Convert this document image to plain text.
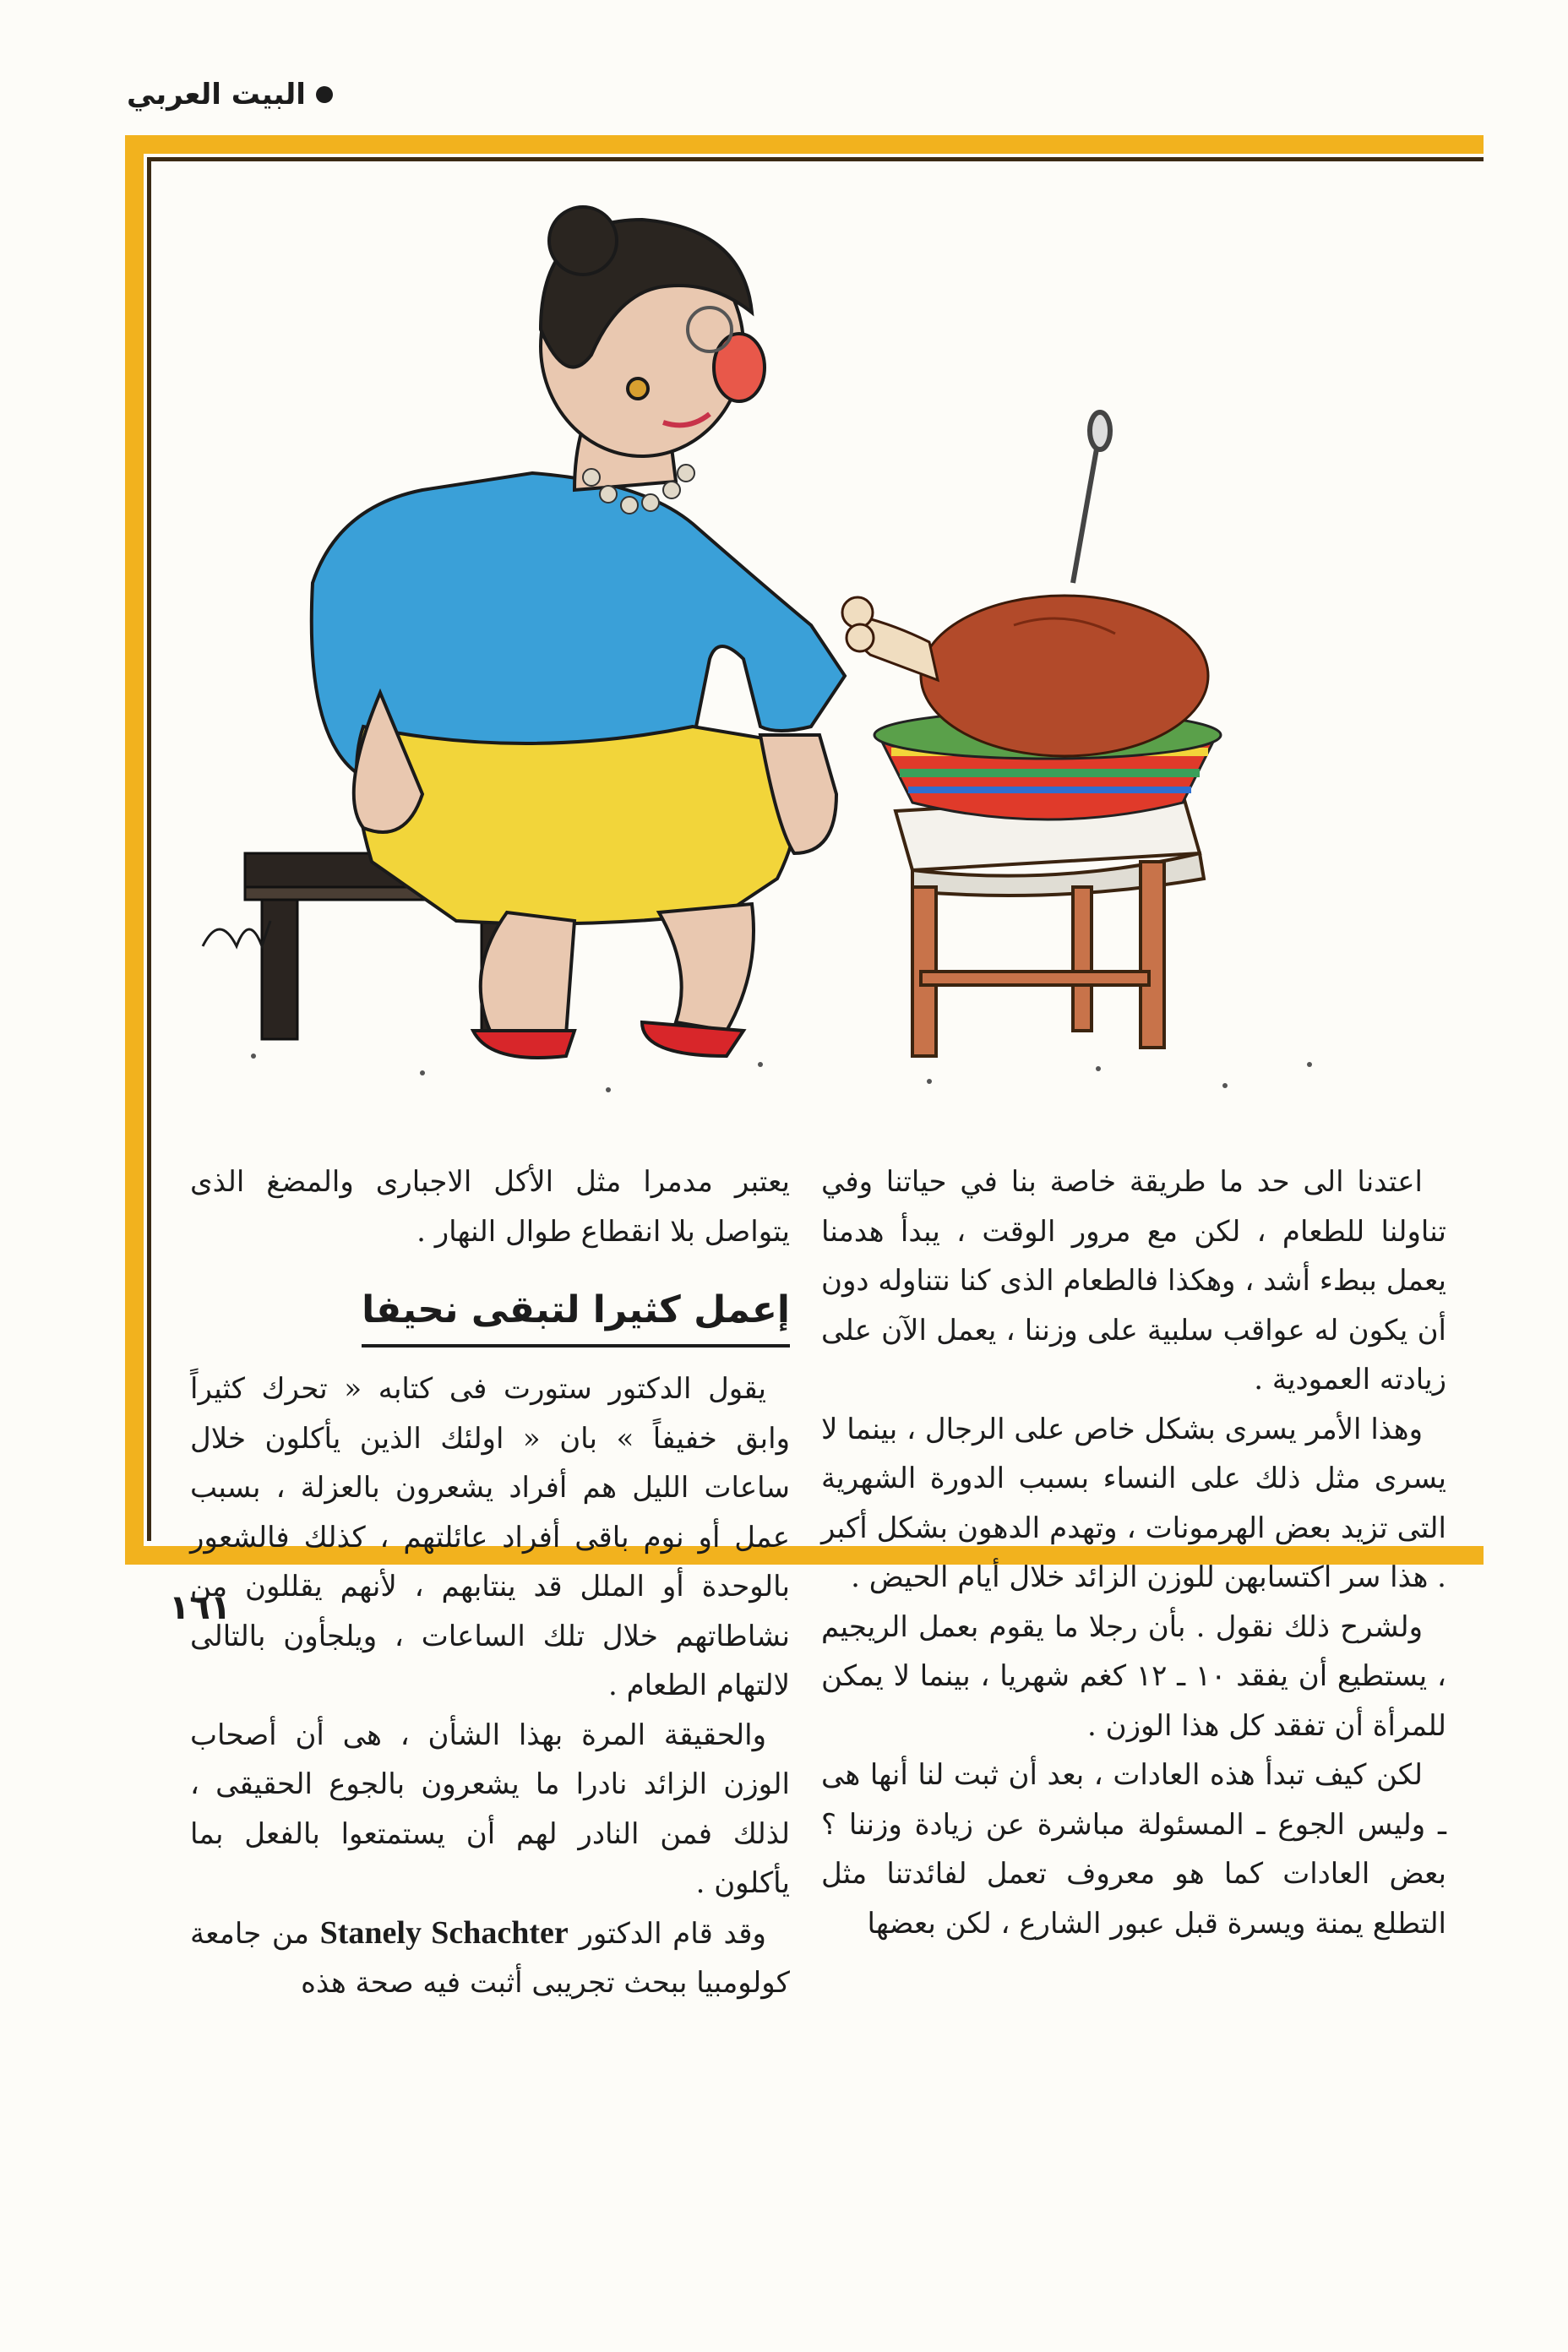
البيت العربي

اعتدنا الى حد ما طريقة خاصة بنا في حياتنا وفي تناولنا للطعام ، لكن مع مرور الوقت ، يبدأ هدمنا يعمل ببطء أشد ، وهكذا فالطعام الذى كنا نتناوله دون أن يكون له عواقب سلبية على وزننا ، يعمل الآن على زيادته العمودية .

وهذا الأمر يسرى بشكل خاص على الرجال ، بينما لا يسرى مثل ذلك على النساء بسبب الدورة الشهرية التى تزيد بعض الهرمونات ، وتهدم الدهون بشكل أكبر . هذا سر اكتسابهن للوزن الزائد خلال أيام الحيض .

ولشرح ذلك نقول . بأن رجلا ما يقوم بعمل الريجيم ، يستطيع أن يفقد ١٠ ـ ١٢ كغم شهريا ، بينما لا يمكن للمرأة أن تفقد كل هذا الوزن .

لكن كيف تبدأ هذه العادات ، بعد أن ثبت لنا أنها هى ـ وليس الجوع ـ المسئولة مباشرة عن زيادة وزننا ؟ بعض العادات كما هو معروف تعمل لفائدتنا مثل التطلع يمنة ويسرة قبل عبور الشارع ، لكن بعضها

يعتبر مدمرا مثل الأكل الاجبارى والمضغ الذى يتواصل بلا انقطاع طوال النهار .

إعمل كثيرا لتبقى نحيفا

يقول الدكتور ستورت فى كتابه « تحرك كثيراً وابق خفيفاً » بان « اولئك الذين يأكلون خلال ساعات الليل هم أفراد يشعرون بالعزلة ، بسبب عمل أو نوم باقى أفراد عائلتهم ، كذلك فالشعور بالوحدة أو الملل قد ينتابهم ، لأنهم يقللون من نشاطاتهم خلال تلك الساعات ، ويلجأون بالتالى لالتهام الطعام .

والحقيقة المرة بهذا الشأن ، هى أن أصحاب الوزن الزائد نادرا ما يشعرون بالجوع الحقيقى ، لذلك فمن النادر لهم أن يستمتعوا بالفعل بما يأكلون .

وقد قام الدكتور Stanely Schachter من جامعة كولومبيا ببحث تجريبى أثبت فيه صحة هذه

١٦١
